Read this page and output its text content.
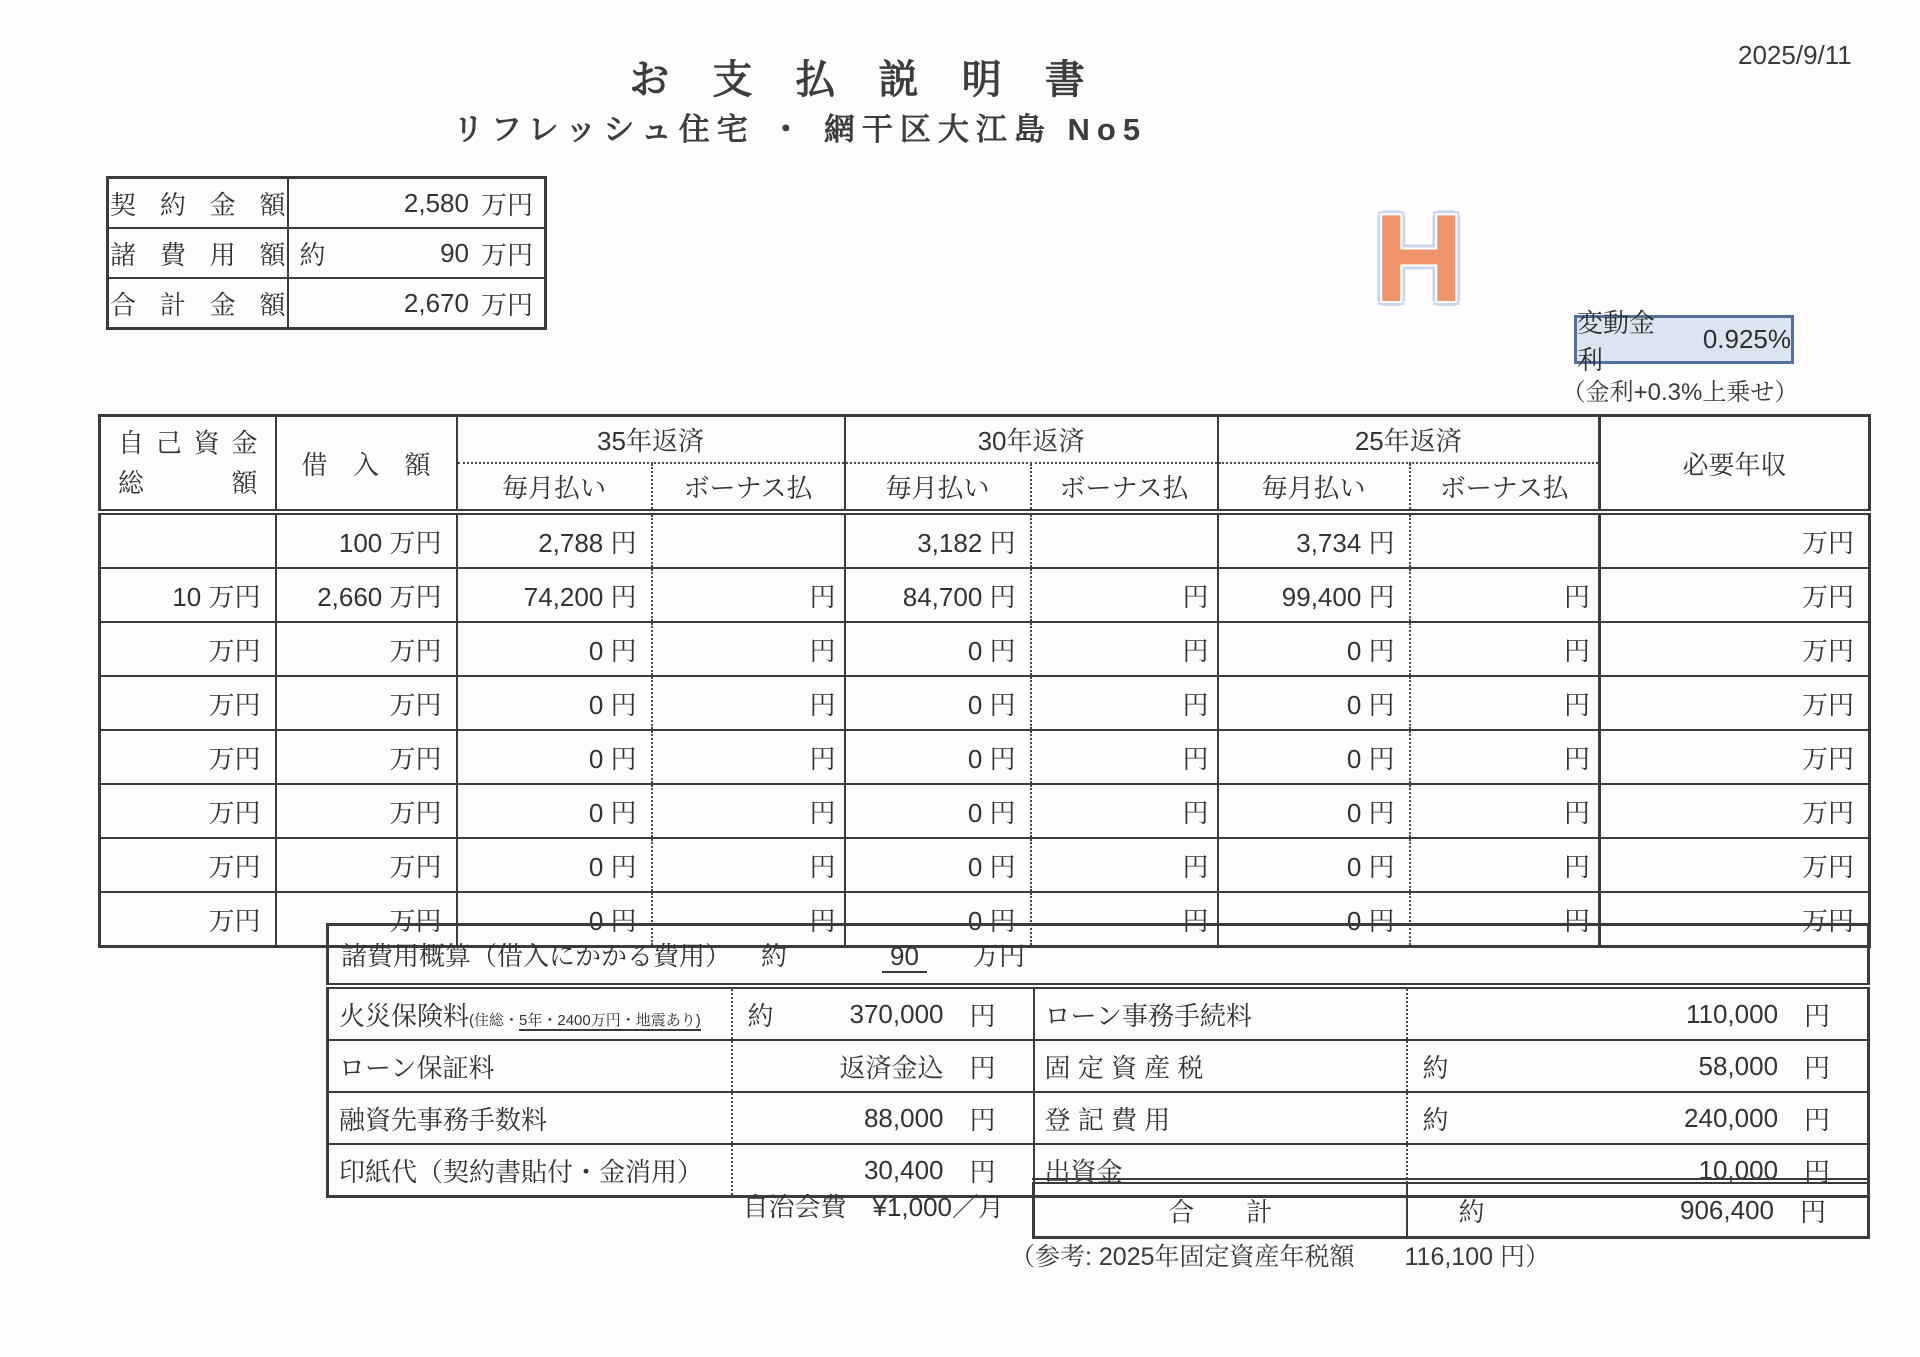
2025/9/11
お 支 払 説 明 書
リフレッシュ住宅 ・ 網干区大江島 No5
契 約 金 額	2,580 万円

諸 費 用 額	約 90 万円

合 計 金 額	2,670 万円	H	変動金利
0.925%
（金利+0.3%上乗せ）
自 己 資 金
総 額	借 入 額	35年返済		30年返済		25年返済		必要年収
		毎月払い	ボーナス払	毎月払い	ボーナス払	毎月払い	ボーナス払	
	100 万円	2,788 円		3,182 円		3,734 円		万円
10 万円	2,660 万円	74,200 円	円	84,700 円	円	99,400 円	円	万円
万円	万円	0 円	円	0 円	円	0 円	円	万円
万円	万円	0 円	円	0 円	円	0 円	円	万円
万円	万円	0 円	円	0 円	円	0 円	円	万円
万円	万円	0 円	円	0 円	円	0 円	円	万円
万円	万円	0 円	円	0 円	円	0 円	円	万円
万円	万円	0 円	円	0 円	円	0 円	円	万円
諸費用概算（借入にかかる費用） 約 90 万円			
火災保険料(住総・5年・2400万円・地震あり)	約 370,000 円	ローン事務手続料	110,000 円

ローン保証料	返済金込 円	固 定 資 産 税	約 58,000 円

融資先事務手数料	88,000 円	登 記 費 用	約 240,000 円

印紙代（契約書貼付・金消用）	30,400 円	出資金	10,000 円
自治会費　¥1,000／月	合　　計	約	906,400 円
（参考: 2025年固定資産年税額　　116,100 円）
